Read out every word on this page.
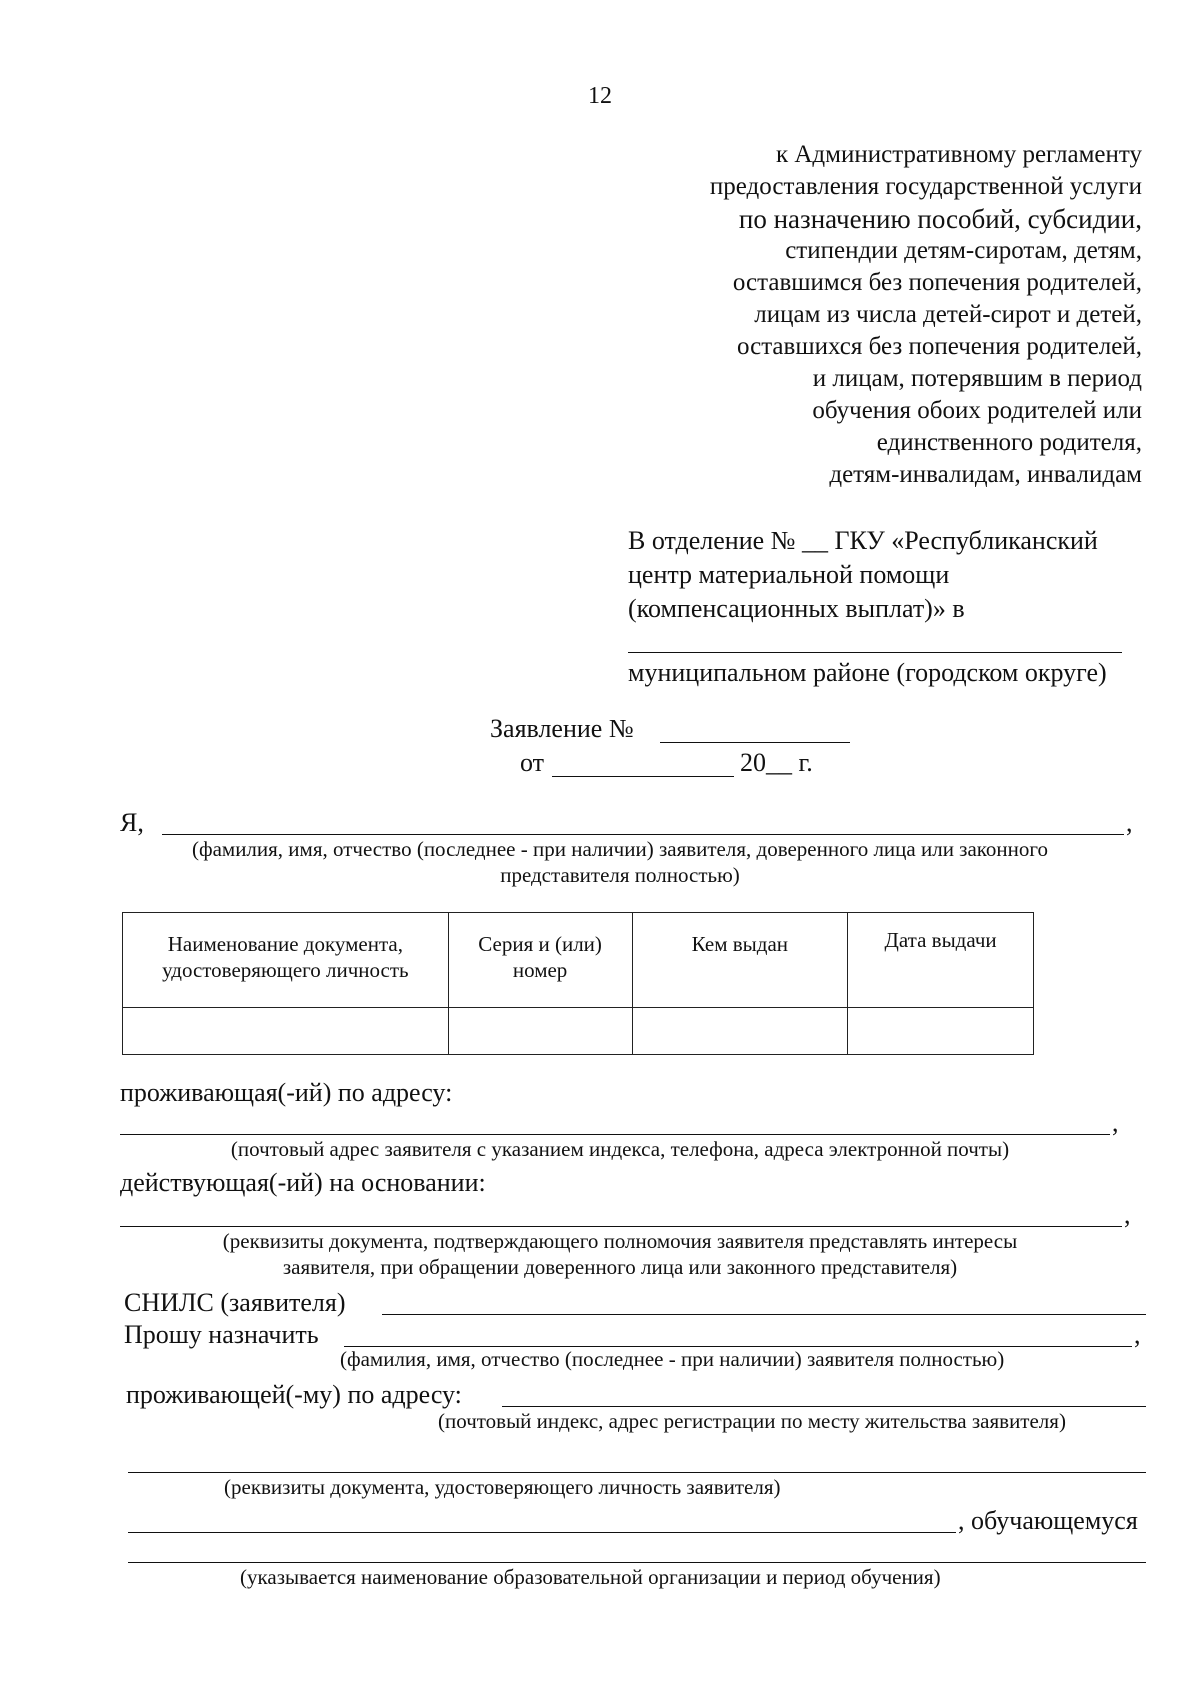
12
к Административному регламенту
предоставления государственной услуги
по назначению пособий, субсидии,
стипендии детям-сиротам, детям,
оставшимся без попечения родителей,
лицам из числа детей-сирот и детей,
оставшихся без попечения родителей,
и лицам, потерявшим в период
обучения обоих родителей или
единственного родителя,
детям-инвалидам, инвалидам
В отделение № __ ГКУ «Республиканский
центр материальной помощи
(компенсационных выплат)» в
муниципальном районе (городском округе)
Заявление №
от	20__ г.
Я,	,
(фамилия, имя, отчество (последнее - при наличии) заявителя, доверенного лица или законного
представителя полностью)
Наименование документа, удостоверяющего личность	Серия и (или) номер	Кем выдан	Дата выдачи

проживающая(-ий) по адресу:
,
(почтовый адрес заявителя с указанием индекса, телефона, адреса электронной почты)
действующая(-ий) на основании:
,
(реквизиты документа, подтверждающего полномочия заявителя представлять интересы
заявителя, при обращении доверенного лица или законного представителя)
СНИЛС (заявителя)
Прошу назначить	,
(фамилия, имя, отчество (последнее - при наличии) заявителя полностью)
проживающей(-му) по адресу:
(почтовый индекс, адрес регистрации по месту жительства заявителя)
(реквизиты документа, удостоверяющего личность заявителя)
, обучающемуся
(указывается наименование образовательной организации и период обучения)
